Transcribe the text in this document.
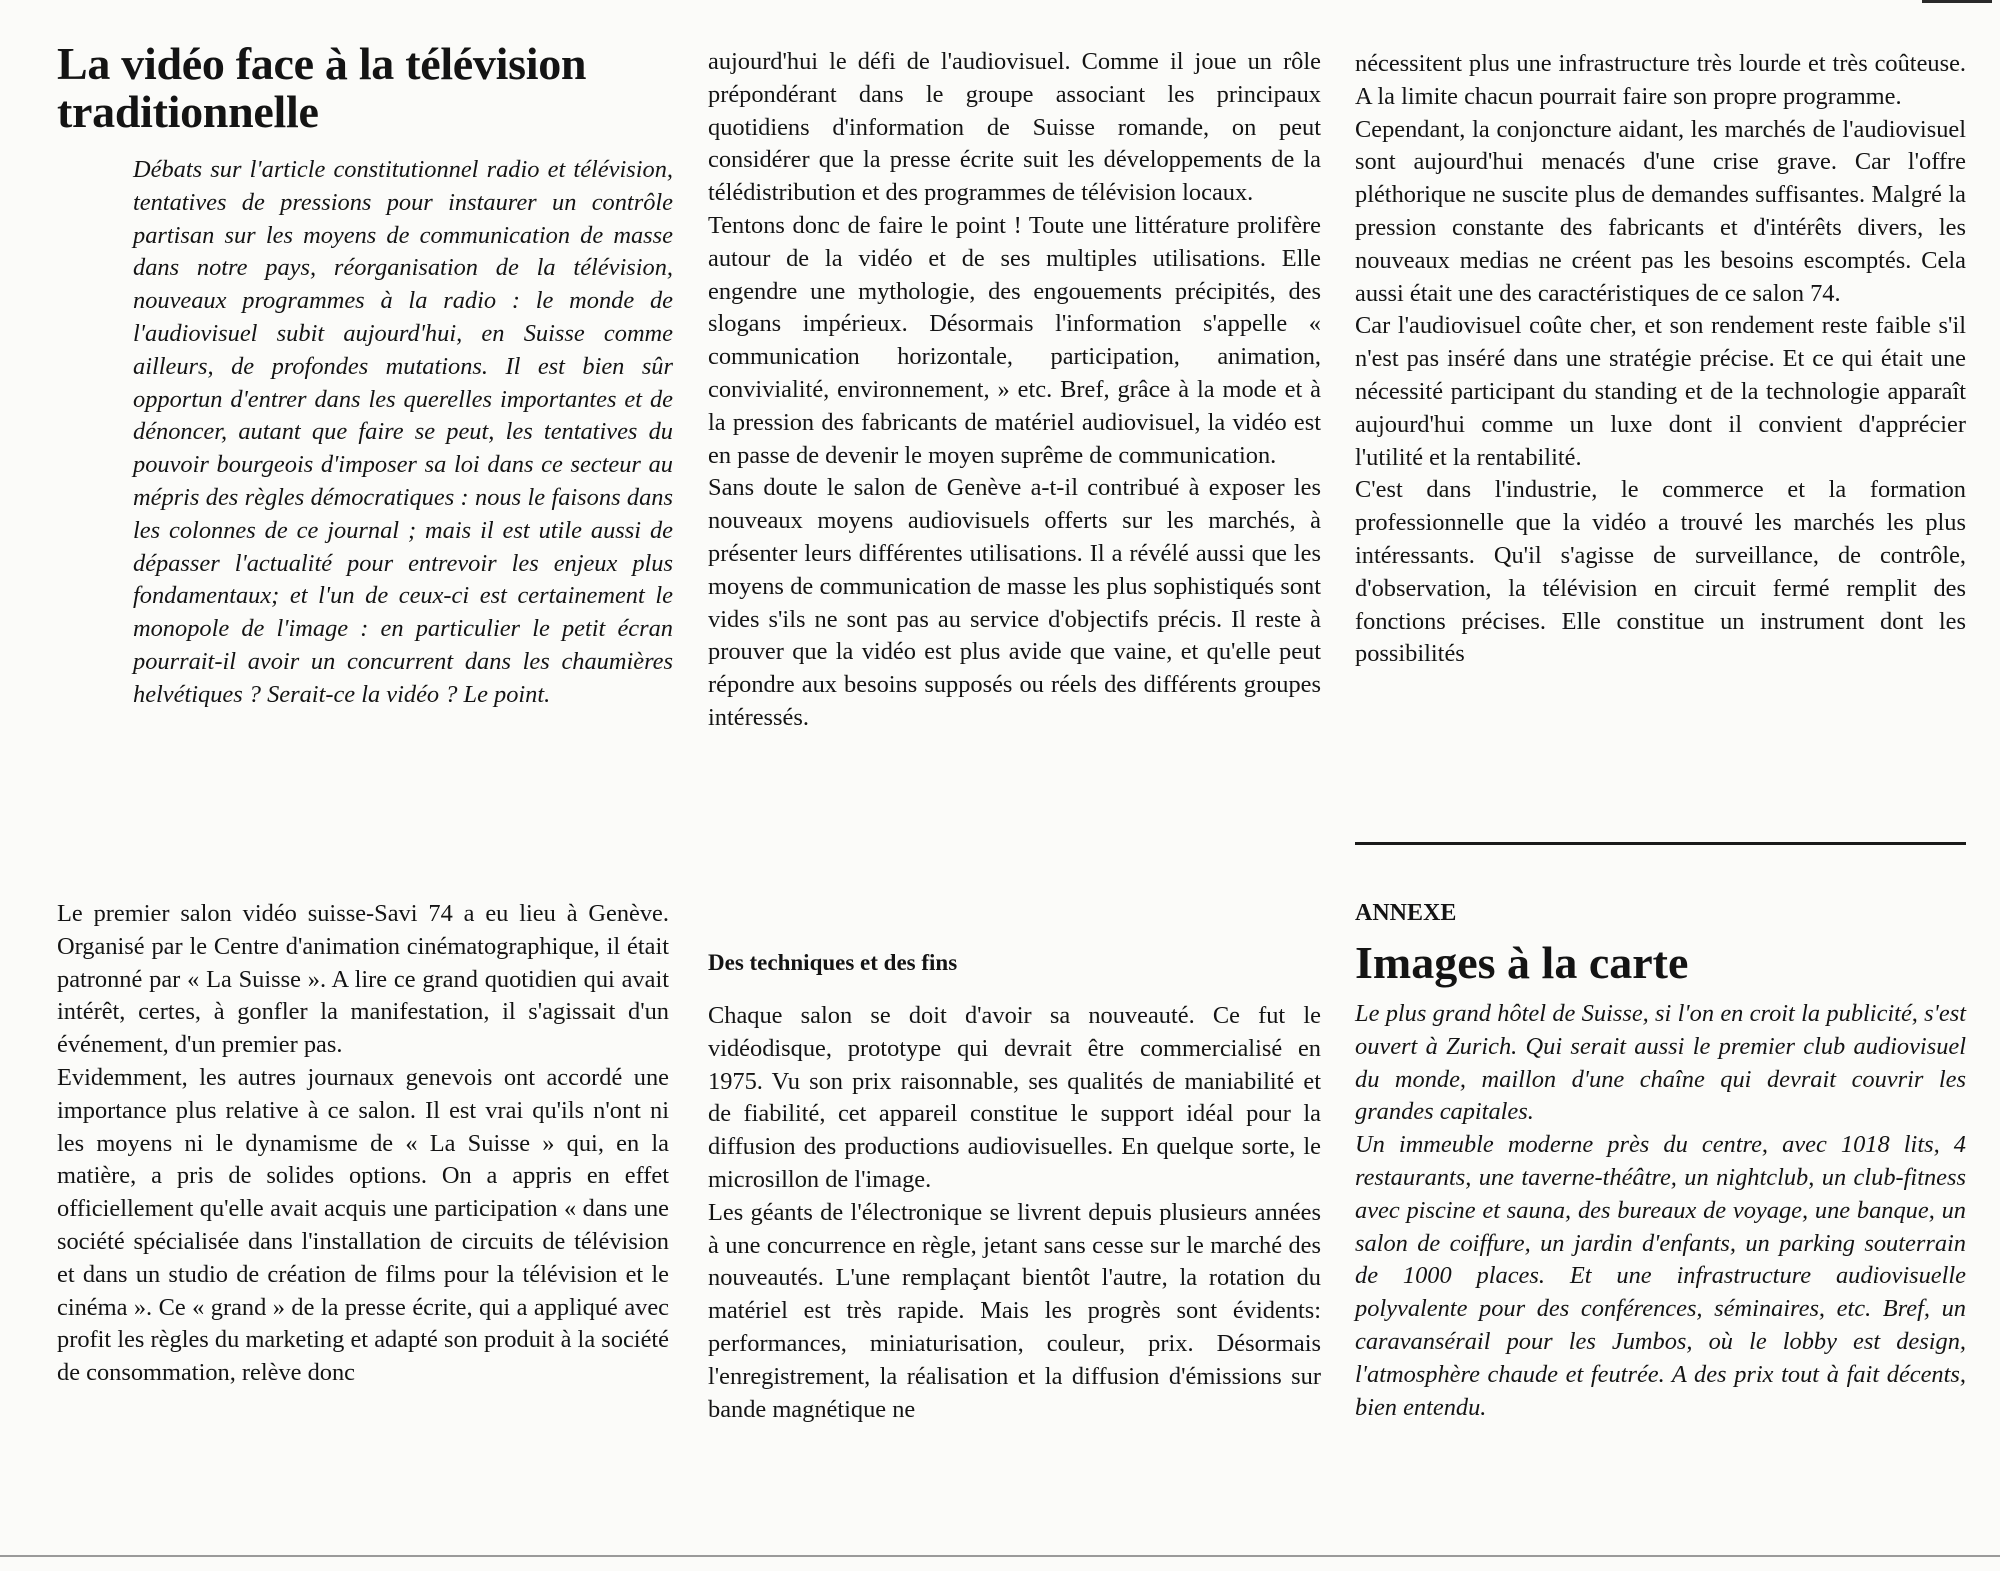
La vidéo face à la télévision traditionnelle

Débats sur l'article constitutionnel radio et télévision, tentatives de pressions pour instaurer un contrôle partisan sur les moyens de communication de masse dans notre pays, réorganisation de la télévision, nouveaux programmes à la radio : le monde de l'audiovisuel subit aujourd'hui, en Suisse comme ailleurs, de profondes mutations. Il est bien sûr opportun d'entrer dans les querelles importantes et de dénoncer, autant que faire se peut, les tentatives du pouvoir bourgeois d'imposer sa loi dans ce secteur au mépris des règles démocratiques : nous le faisons dans les colonnes de ce journal ; mais il est utile aussi de dépasser l'actualité pour entrevoir les enjeux plus fondamentaux; et l'un de ceux-ci est certainement le monopole de l'image : en particulier le petit écran pourrait-il avoir un concurrent dans les chaumières helvétiques ? Serait-ce la vidéo ? Le point.

Le premier salon vidéo suisse-Savi 74 a eu lieu à Genève. Organisé par le Centre d'animation cinématographique, il était patronné par « La Suisse ». A lire ce grand quotidien qui avait intérêt, certes, à gonfler la manifestation, il s'agissait d'un événement, d'un premier pas.

Evidemment, les autres journaux genevois ont accordé une importance plus relative à ce salon. Il est vrai qu'ils n'ont ni les moyens ni le dynamisme de « La Suisse » qui, en la matière, a pris de solides options. On a appris en effet officiellement qu'elle avait acquis une participation « dans une société spécialisée dans l'installation de circuits de télévision et dans un studio de création de films pour la télévision et le cinéma ». Ce « grand » de la presse écrite, qui a appliqué avec profit les règles du marketing et adapté son produit à la société de consommation, relève donc

aujourd'hui le défi de l'audiovisuel. Comme il joue un rôle prépondérant dans le groupe associant les principaux quotidiens d'information de Suisse romande, on peut considérer que la presse écrite suit les développements de la télédistribution et des programmes de télévision locaux.

Tentons donc de faire le point ! Toute une littérature prolifère autour de la vidéo et de ses multiples utilisations. Elle engendre une mythologie, des engouements précipités, des slogans impérieux. Désormais l'information s'appelle « communication horizontale, participation, animation, convivialité, environnement, » etc. Bref, grâce à la mode et à la pression des fabricants de matériel audiovisuel, la vidéo est en passe de devenir le moyen suprême de communication.

Sans doute le salon de Genève a-t-il contribué à exposer les nouveaux moyens audiovisuels offerts sur les marchés, à présenter leurs différentes utilisations. Il a révélé aussi que les moyens de communication de masse les plus sophistiqués sont vides s'ils ne sont pas au service d'objectifs précis. Il reste à prouver que la vidéo est plus avide que vaine, et qu'elle peut répondre aux besoins supposés ou réels des différents groupes intéressés.

Des techniques et des fins

Chaque salon se doit d'avoir sa nouveauté. Ce fut le vidéodisque, prototype qui devrait être commercialisé en 1975. Vu son prix raisonnable, ses qualités de maniabilité et de fiabilité, cet appareil constitue le support idéal pour la diffusion des productions audiovisuelles. En quelque sorte, le microsillon de l'image.

Les géants de l'électronique se livrent depuis plusieurs années à une concurrence en règle, jetant sans cesse sur le marché des nouveautés. L'une remplaçant bientôt l'autre, la rotation du matériel est très rapide. Mais les progrès sont évidents: performances, miniaturisation, couleur, prix. Désormais l'enregistrement, la réalisation et la diffusion d'émissions sur bande magnétique ne

nécessitent plus une infrastructure très lourde et très coûteuse. A la limite chacun pourrait faire son propre programme.

Cependant, la conjoncture aidant, les marchés de l'audiovisuel sont aujourd'hui menacés d'une crise grave. Car l'offre pléthorique ne suscite plus de demandes suffisantes. Malgré la pression constante des fabricants et d'intérêts divers, les nouveaux medias ne créent pas les besoins escomptés. Cela aussi était une des caractéristiques de ce salon 74.

Car l'audiovisuel coûte cher, et son rendement reste faible s'il n'est pas inséré dans une stratégie précise. Et ce qui était une nécessité participant du standing et de la technologie apparaît aujourd'hui comme un luxe dont il convient d'apprécier l'utilité et la rentabilité.

C'est dans l'industrie, le commerce et la formation professionnelle que la vidéo a trouvé les marchés les plus intéressants. Qu'il s'agisse de surveillance, de contrôle, d'observation, la télévision en circuit fermé remplit des fonctions précises. Elle constitue un instrument dont les possibilités

ANNEXE
Images à la carte

Le plus grand hôtel de Suisse, si l'on en croit la publicité, s'est ouvert à Zurich. Qui serait aussi le premier club audiovisuel du monde, maillon d'une chaîne qui devrait couvrir les grandes capitales.

Un immeuble moderne près du centre, avec 1018 lits, 4 restaurants, une taverne-théâtre, un nightclub, un club-fitness avec piscine et sauna, des bureaux de voyage, une banque, un salon de coiffure, un jardin d'enfants, un parking souterrain de 1000 places. Et une infrastructure audiovisuelle polyvalente pour des conférences, séminaires, etc. Bref, un caravansérail pour les Jumbos, où le lobby est design, l'atmosphère chaude et feutrée. A des prix tout à fait décents, bien entendu.
